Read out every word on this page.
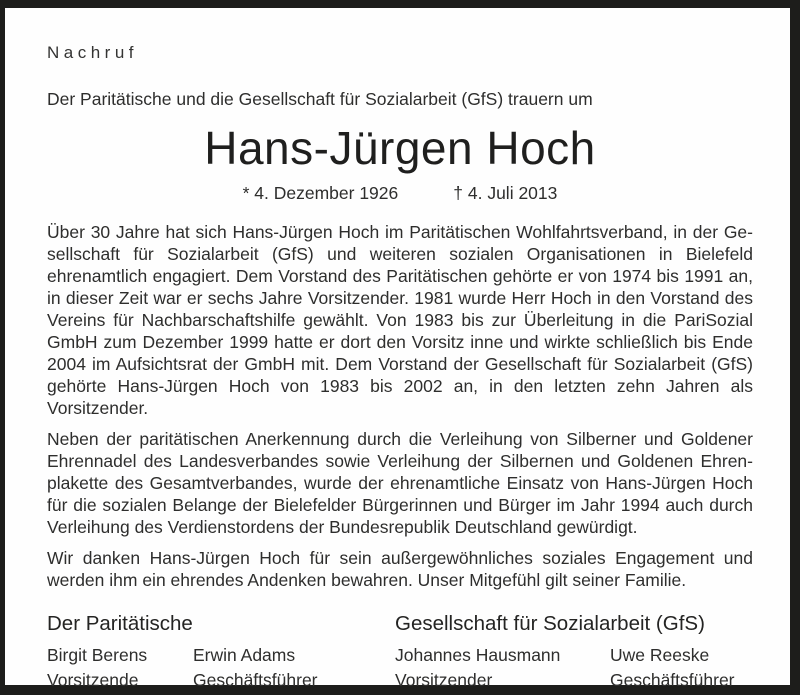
Nachruf
Der Paritätische und die Gesellschaft für Sozialarbeit (GfS) trauern um
Hans-Jürgen Hoch
* 4. Dezember 1926	† 4. Juli 2013

Über 30 Jahre hat sich Hans-Jürgen Hoch im Paritätischen Wohlfahrtsverband, in der Gesellschaft für Sozialarbeit (GfS) und weiteren sozialen Organisationen in Bielefeld ehrenamtlich engagiert. Dem Vorstand des Paritätischen gehörte er von 1974 bis 1991 an, in dieser Zeit war er sechs Jahre Vorsitzender. 1981 wurde Herr Hoch in den Vorstand des Vereins für Nachbarschaftshilfe gewählt. Von 1983 bis zur Überleitung in die PariSozial GmbH zum Dezember 1999 hatte er dort den Vorsitz inne und wirkte schließlich bis Ende 2004 im Aufsichtsrat der GmbH mit. Dem Vorstand der Gesellschaft für Sozialarbeit (GfS) gehörte Hans-Jürgen Hoch von 1983 bis 2002 an, in den letzten zehn Jahren als Vorsitzender.

Neben der paritätischen Anerkennung durch die Verleihung von Silberner und Goldener Ehrennadel des Landesverbandes sowie Verleihung der Silbernen und Goldenen Ehrenplakette des Gesamtverbandes, wurde der ehrenamtliche Einsatz von Hans-Jürgen Hoch für die sozialen Belange der Bielefelder Bürgerinnen und Bürger im Jahr 1994 auch durch Verleihung des Verdienstordens der Bundesrepublik Deutschland gewürdigt.

Wir danken Hans-Jürgen Hoch für sein außergewöhnliches soziales Engagement und werden ihm ein ehrendes Andenken bewahren. Unser Mitgefühl gilt seiner Familie.

Der Paritätische	Gesellschaft für Sozialarbeit (GfS)
Birgit Berens	Erwin Adams	Johannes Hausmann	Uwe Reeske
Vorsitzende	Geschäftsführer	Vorsitzender	Geschäftsführer
